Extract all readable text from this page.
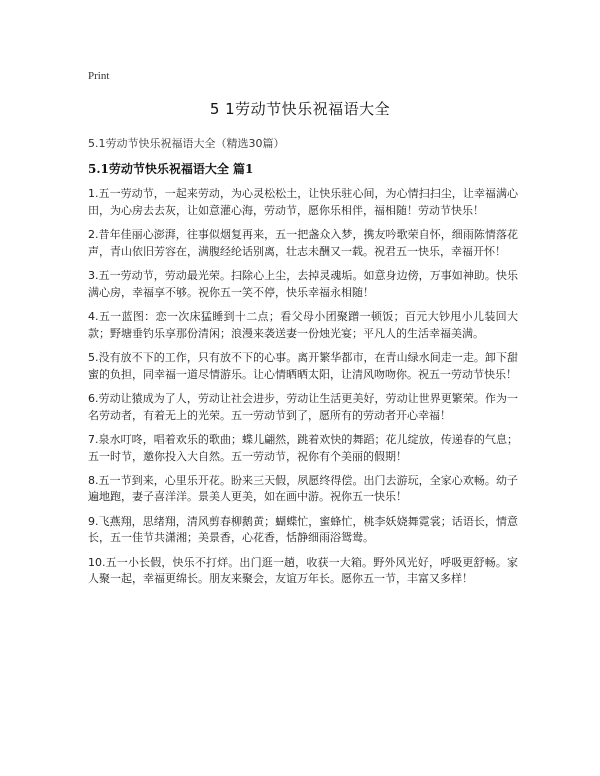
Print
5 1劳动节快乐祝福语大全

5.1劳动节快乐祝福语大全（精选30篇）

5.1劳动节快乐祝福语大全 篇1

1.五一劳动节，一起来劳动，为心灵松松土，让快乐驻心间，为心情扫扫尘，让幸福满心田，为心房去去灰，让如意灌心海，劳动节，愿你乐相伴，福相随！劳动节快乐！

2.昔年佳丽心澎湃，往事似烟复再来，五一把盏众入梦，携友吟歌荣自怀，细雨陈情落花声，青山依旧芳容在，满腹经纶话别离，壮志未酬又一载。祝君五一快乐，幸福开怀！

3.五一劳动节，劳动最光荣。扫除心上尘，去掉灵魂垢。如意身边傍，万事如神助。快乐满心房，幸福享不够。祝你五一笑不停，快乐幸福永相随！

4.五一蓝图：恋一次床猛睡到十二点；看父母小团聚蹭一顿饭；百元大钞甩小儿装回大款；野塘垂钓乐享那份清闲；浪漫来袭送妻一份烛光宴；平凡人的生活幸福美满。

5.没有放不下的工作，只有放不下的心事。离开繁华都市，在青山绿水间走一走。卸下甜蜜的负担，同幸福一道尽情游乐。让心情晒晒太阳，让清风吻吻你。祝五一劳动节快乐！

6.劳动让猿成为了人，劳动让社会进步，劳动让生活更美好，劳动让世界更繁荣。作为一名劳动者，有着无上的光荣。五一劳动节到了，愿所有的劳动者开心幸福！

7.泉水叮咚，唱着欢乐的歌曲；蝶儿翩然，跳着欢快的舞蹈；花儿绽放，传递春的气息；五一时节，邀你投入大自然。五一劳动节，祝你有个美丽的假期！

8.五一节到来，心里乐开花。盼来三天假，夙愿终得偿。出门去游玩，全家心欢畅。幼子遍地跑，妻子喜洋洋。景美人更美，如在画中游。祝你五一快乐！

9.飞燕翔，思绪翔，清风剪春柳鹅黄；蝴蝶忙，蜜蜂忙，桃李妖娆舞霓裳；话语长，情意长，五一佳节共潇湘；美景香，心花香，恬静细雨浴鸳鸯。

10.五一小长假，快乐不打烊。出门逛一趟，收获一大箱。野外风光好，呼吸更舒畅。家人聚一起，幸福更绵长。朋友来聚会，友谊万年长。愿你五一节，丰富又多样！
